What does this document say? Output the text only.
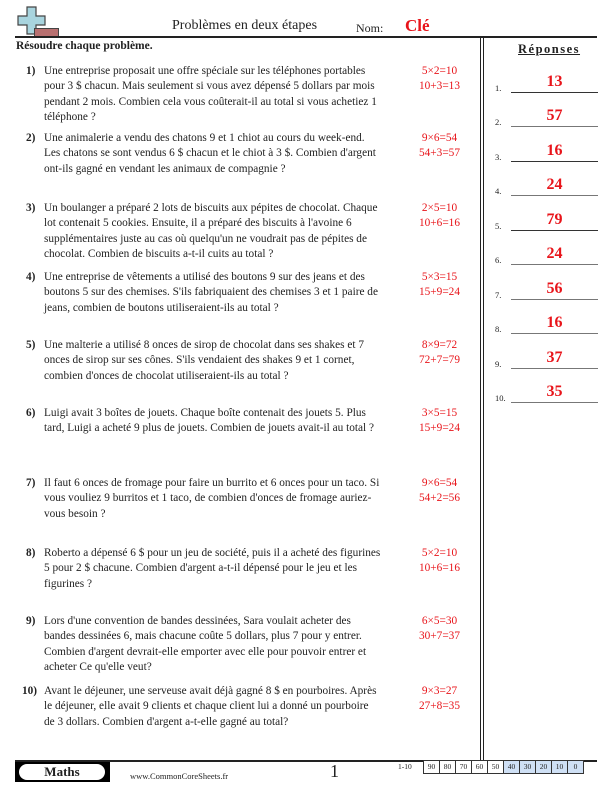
Problèmes en deux étapes	Nom: Clé
Résoudre chaque problème.	Réponses
1) Une entreprise proposait une offre spéciale sur les téléphones portables
pour 3 $ chacun. Mais seulement si vous avez dépensé 5 dollars par mois
pendant 2 mois. Combien cela vous coûterait-il au total si vous achetiez 1
téléphone ?
5×2=10
10+3=13
2) Une animalerie a vendu des chatons 9 et 1 chiot au cours du week-end.
Les chatons se sont vendus 6 $ chacun et le chiot à 3 $. Combien d'argent
ont-ils gagné en vendant les animaux de compagnie ?
9×6=54
54+3=57
3) Un boulanger a préparé 2 lots de biscuits aux pépites de chocolat. Chaque
lot contenait 5 cookies. Ensuite, il a préparé des biscuits à l'avoine 6
supplémentaires juste au cas où quelqu'un ne voudrait pas de pépites de
chocolat. Combien de biscuits a-t-il cuits au total ?
2×5=10
10+6=16
4) Une entreprise de vêtements a utilisé des boutons 9 sur des jeans et des
boutons 5 sur des chemises. S'ils fabriquaient des chemises 3 et 1 paire de
jeans, combien de boutons utiliseraient-ils au total ?
5×3=15
15+9=24
5) Une malterie a utilisé 8 onces de sirop de chocolat dans ses shakes et 7
onces de sirop sur ses cônes. S'ils vendaient des shakes 9 et 1 cornet,
combien d'onces de chocolat utiliseraient-ils au total ?
8×9=72
72+7=79
6) Luigi avait 3 boîtes de jouets. Chaque boîte contenait des jouets 5. Plus
tard, Luigi a acheté 9 plus de jouets. Combien de jouets avait-il au total ?
3×5=15
15+9=24
7) Il faut 6 onces de fromage pour faire un burrito et 6 onces pour un taco. Si
vous vouliez 9 burritos et 1 taco, de combien d'onces de fromage auriez-
vous besoin ?
9×6=54
54+2=56
8) Roberto a dépensé 6 $ pour un jeu de société, puis il a acheté des figurines
5 pour 2 $ chacune. Combien d'argent a-t-il dépensé pour le jeu et les
figurines ?
5×2=10
10+6=16
9) Lors d'une convention de bandes dessinées, Sara voulait acheter des
bandes dessinées 6, mais chacune coûte 5 dollars, plus 7 pour y entrer.
Combien d'argent devrait-elle emporter avec elle pour pouvoir entrer et
acheter Ce qu'elle veut?
6×5=30
30+7=37
10) Avant le déjeuner, une serveuse avait déjà gagné 8 $ en pourboires. Après
le déjeuner, elle avait 9 clients et chaque client lui a donné un pourboire
de 3 dollars. Combien d'argent a-t-elle gagné au total?
9×3=27
27+8=35
1.	13
2.	57
3.	16
4.	24
5.	79
6.	24
7.	56
8.	16
9.	37
10.	35
Maths	www.CommonCoreSheets.fr	1	1-10	90	80	70	60	50	40	30	20	10	0
